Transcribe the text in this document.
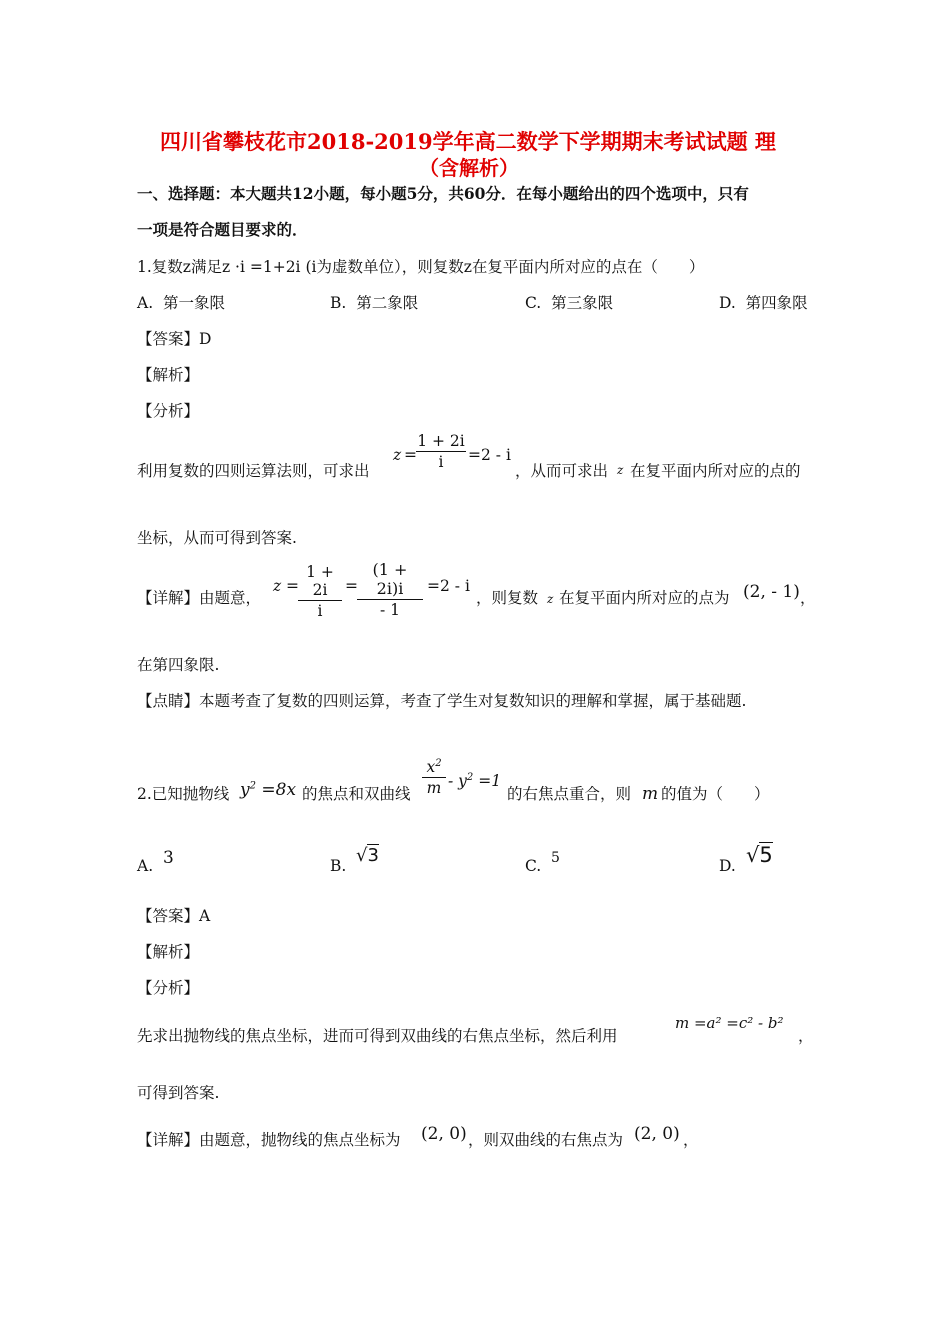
四川省攀枝花市2018-2019学年高二数学下学期期末考试试题 理
（含解析）
一、选择题：本大题共12小题，每小题5分，共60分．在每小题给出的四个选项中，只有
一项是符合题目要求的．
1.复数z满足z ·i =1+2i (i为虚数单位），则复数z在复平面内所对应的点在（　　）
A. 第一象限	B. 第二象限	C. 第三象限	D. 第四象限
【答案】D
【解析】
【分析】
利用复数的四则运算法则，可求出
z =
1 + 2i
i	=2 - i
，从而可求出 z 在复平面内所对应的点的
坐标，从而可得到答案.
【详解】由题意，
z =
1 + 2i
i
=
(1 + 2i)i
- 1
=2 - i
，则复数 z 在复平面内所对应的点为 (2, - 1) ，
在第四象限.
【点睛】本题考查了复数的四则运算，考查了学生对复数知识的理解和掌握，属于基础题.
2.已知抛物线 $y^2 =8x$ 的焦点和双曲线
$x^2$
$m - y^2 =1$
的右焦点重合，则 m 的值为（　　）
A. 3	B. √3	C. 5	D. √5
【答案】A
【解析】
【分析】
先求出抛物线的焦点坐标，进而可得到双曲线的右焦点坐标，然后利用
m =a² =c² - b²
，
可得到答案.
【详解】由题意，抛物线的焦点坐标为 (2, 0) ，则双曲线的右焦点为 (2, 0) ，
